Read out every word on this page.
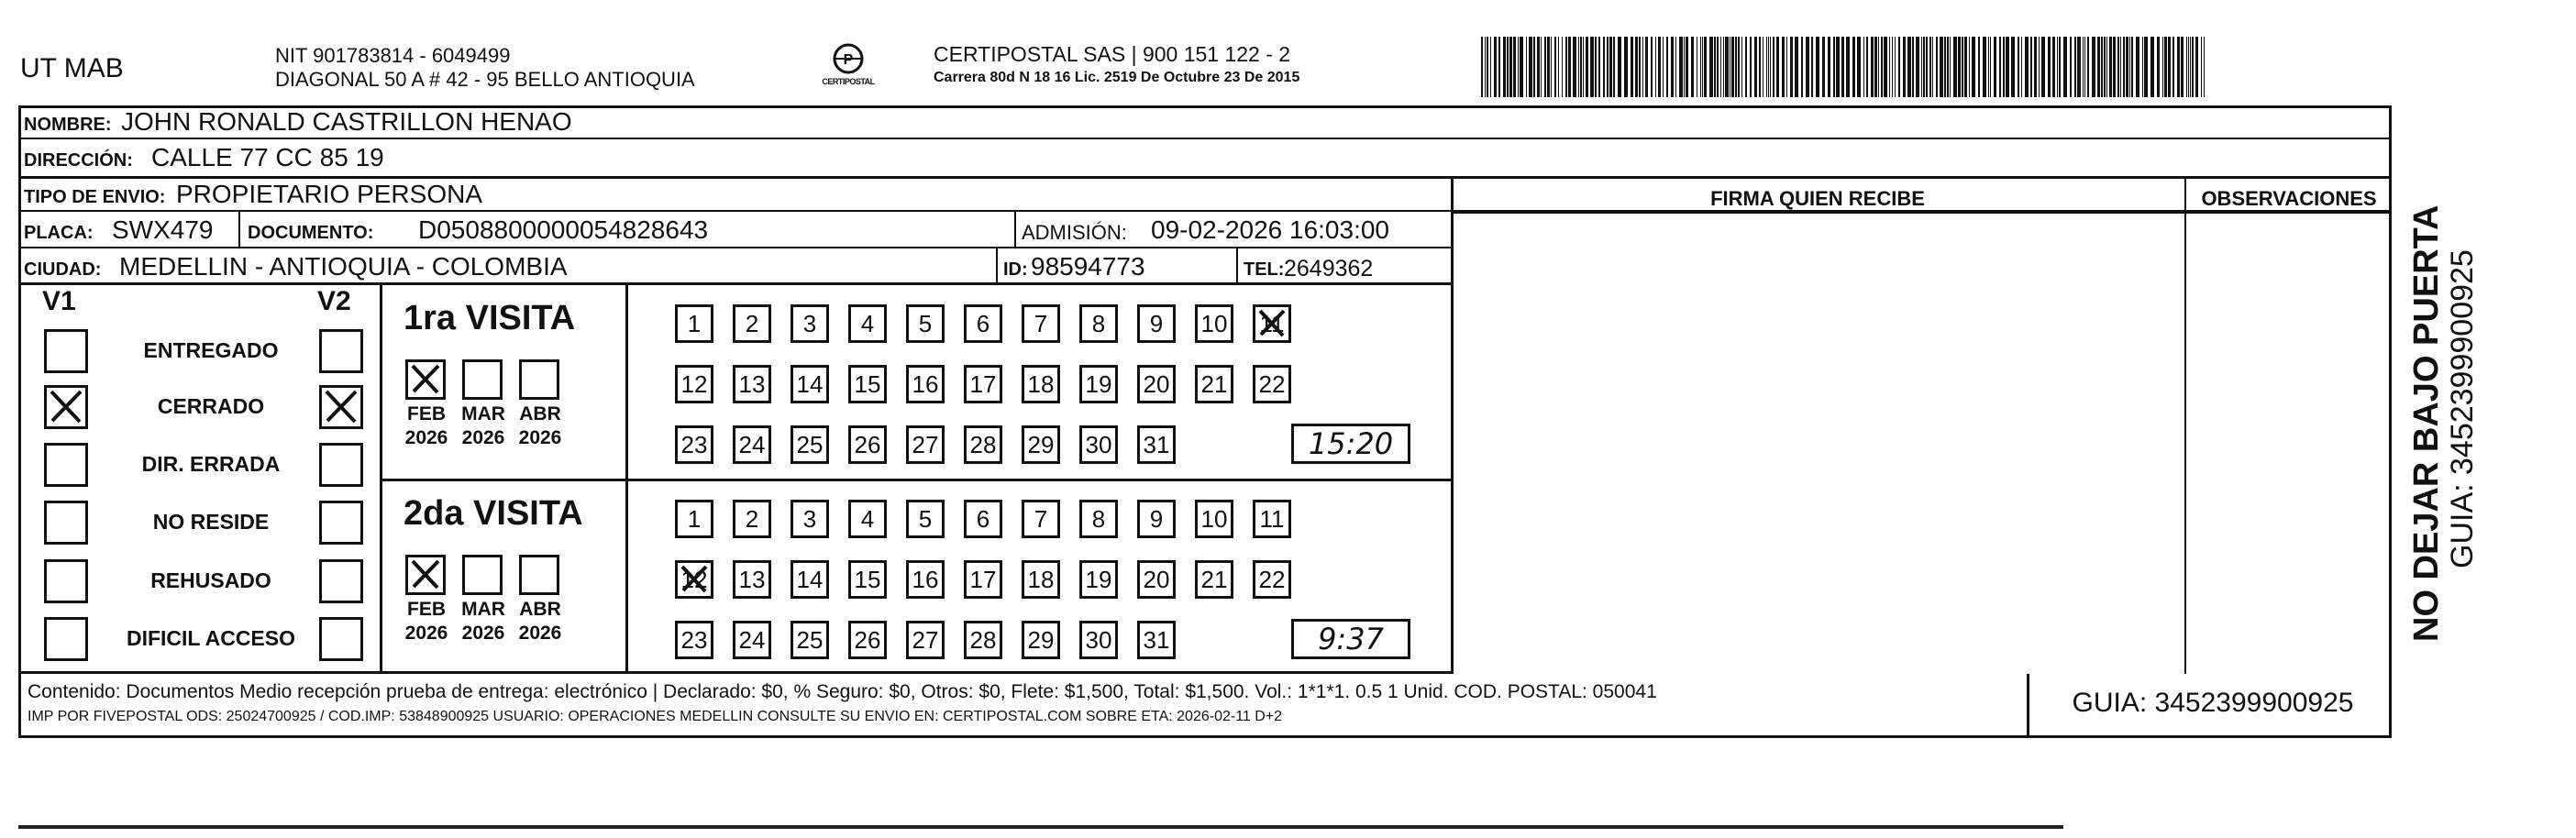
UT MAB	NIT 901783814 - 6049499
DIAGONAL 50 A # 42 - 95 BELLO ANTIOQUIA
P
CERTIPOSTAL
CERTIPOSTAL SAS | 900 151 122 - 2
Carrera 80d N 18 16 Lic. 2519 De Octubre 23 De 2015
NOMBRE: JOHN RONALD CASTRILLON HENAO
DIRECCIÓN: CALLE 77 CC 85 19
TIPO DE ENVIO: PROPIETARIO PERSONA
PLACA: SWX479 DOCUMENTO: D0508800000054828643	ADMISIÓN: 09-02-2026 16:03:00
CIUDAD: MEDELLIN - ANTIOQUIA - COLOMBIA	ID: 98594773	TEL: 2649362
FIRMA QUIEN RECIBE	OBSERVACIONES
V1	V2
ENTREGADO
CERRADO
DIR. ERRADA
NO RESIDE
REHUSADO
DIFICIL ACCESO
1ra VISITA
FEB
2026
MAR
2026
ABR
2026
1	2	3	4	5	6	7	8	9	10 11
12 13 14 15 16 17 18 19 20 21 22
23 24 25 26 27 28 29 30 31	15:20
2da VISITA
FEB
2026
MAR
2026
ABR
2026
1	2	3	4	5	6	7	8	9	10 11
12 13 14 15 16 17 18 19 20 21 22
23 24 25 26 27 28 29 30 31	9:37
Contenido: Documentos Medio recepción prueba de entrega: electrónico | Declarado: $0, % Seguro: $0, Otros: $0, Flete: $1,500, Total: $1,500. Vol.: 1*1*1. 0.5 1 Unid. COD. POSTAL: 050041
IMP POR FIVEPOSTAL ODS: 25024700925 / COD.IMP: 53848900925 USUARIO: OPERACIONES MEDELLIN CONSULTE SU ENVIO EN: CERTIPOSTAL.COM SOBRE ETA: 2026-02-11 D+2	GUIA: 3452399900925
NO DEJAR BAJO PUERTA GUIA: 3452399900925
